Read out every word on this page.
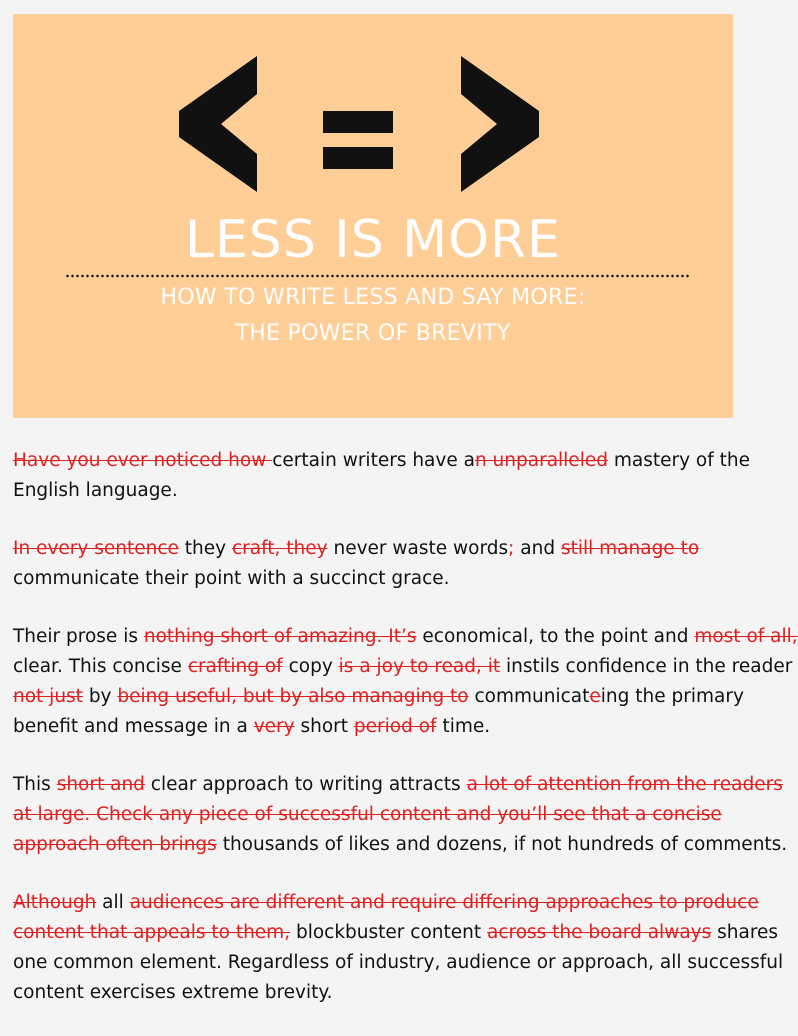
LESS IS MORE
HOW TO WRITE LESS AND SAY MORE:
THE POWER OF BREVITY

Have you ever noticed how certain writers have an unparalleled mastery of the
English language.

In every sentence they craft, they never waste words; and still manage to
communicate their point with a succinct grace.

Their prose is nothing short of amazing. It’s economical, to the point and most of all,
clear. This concise crafting of copy is a joy to read, it instils confidence in the reader
not just by being useful, but by also managing to communicateing the primary
benefit and message in a very short period of time.

This short and clear approach to writing attracts a lot of attention from the readers
at large. Check any piece of successful content and you’ll see that a concise
approach often brings thousands of likes and dozens, if not hundreds of comments.

Although all audiences are different and require differing approaches to produce
content that appeals to them, blockbuster content across the board always shares
one common element. Regardless of industry, audience or approach, all successful
content exercises extreme brevity.
